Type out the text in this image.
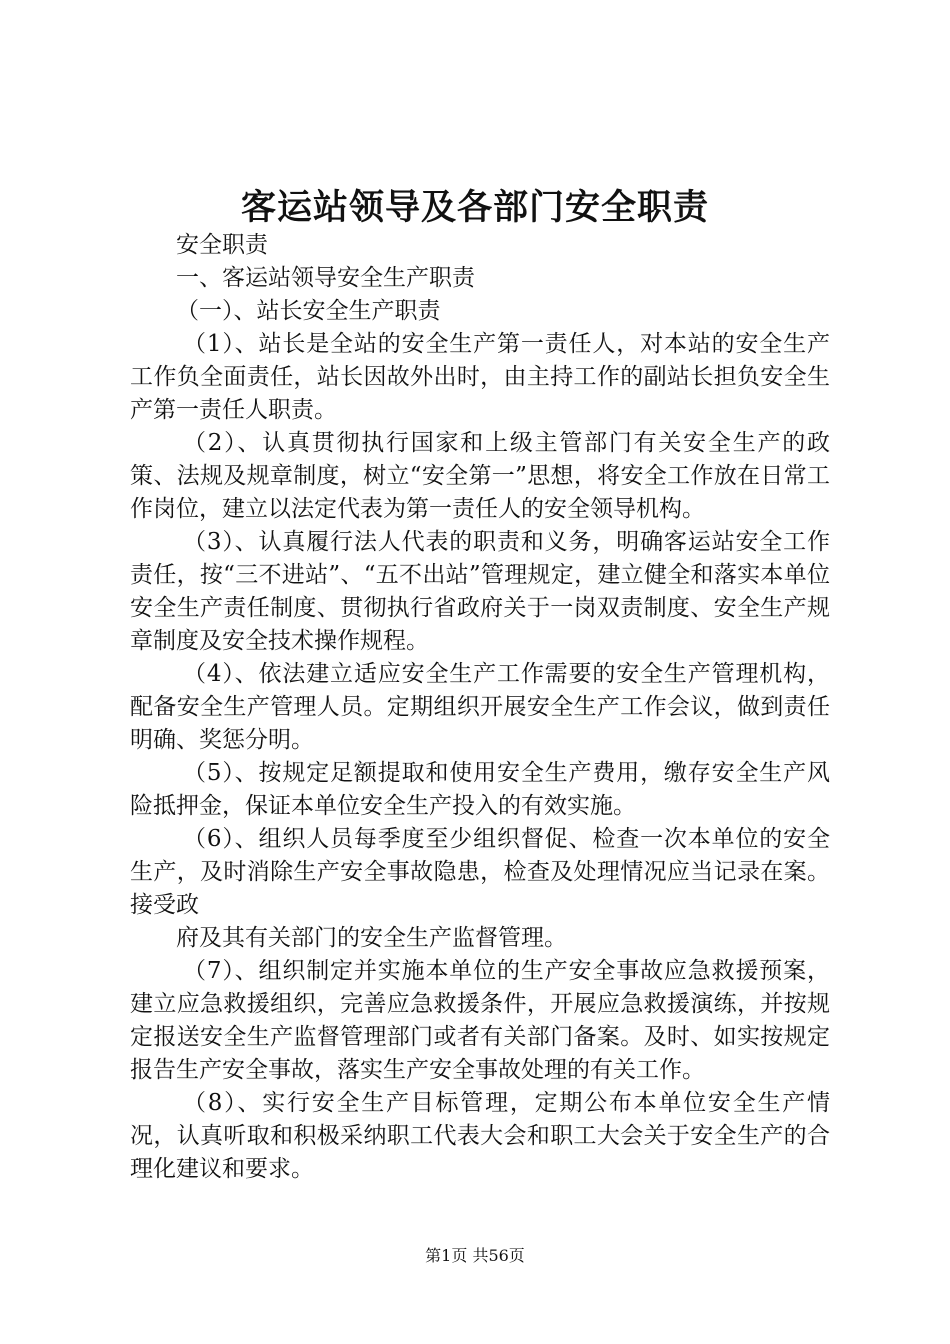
客运站领导及各部门安全职责

安全职责

一、客运站领导安全生产职责

（一）、站长安全生产职责

（1）、站长是全站的安全生产第一责任人，对本站的安全生产工作负全面责任，站长因故外出时，由主持工作的副站长担负安全生产第一责任人职责。

（2）、认真贯彻执行国家和上级主管部门有关安全生产的政策、法规及规章制度，树立“安全第一”思想，将安全工作放在日常工作岗位，建立以法定代表为第一责任人的安全领导机构。

（3）、认真履行法人代表的职责和义务，明确客运站安全工作责任，按“三不进站”、“五不出站”管理规定，建立健全和落实本单位安全生产责任制度、贯彻执行省政府关于一岗双责制度、安全生产规章制度及安全技术操作规程。

（4）、依法建立适应安全生产工作需要的安全生产管理机构，配备安全生产管理人员。定期组织开展安全生产工作会议，做到责任明确、奖惩分明。

（5）、按规定足额提取和使用安全生产费用，缴存安全生产风险抵押金，保证本单位安全生产投入的有效实施。

（6）、组织人员每季度至少组织督促、检查一次本单位的安全生产，及时消除生产安全事故隐患，检查及处理情况应当记录在案。接受政

府及其有关部门的安全生产监督管理。

（7）、组织制定并实施本单位的生产安全事故应急救援预案，建立应急救援组织，完善应急救援条件，开展应急救援演练，并按规定报送安全生产监督管理部门或者有关部门备案。及时、如实按规定报告生产安全事故，落实生产安全事故处理的有关工作。

（8）、实行安全生产目标管理，定期公布本单位安全生产情况，认真听取和积极采纳职工代表大会和职工大会关于安全生产的合理化建议和要求。

第1页 共56页
